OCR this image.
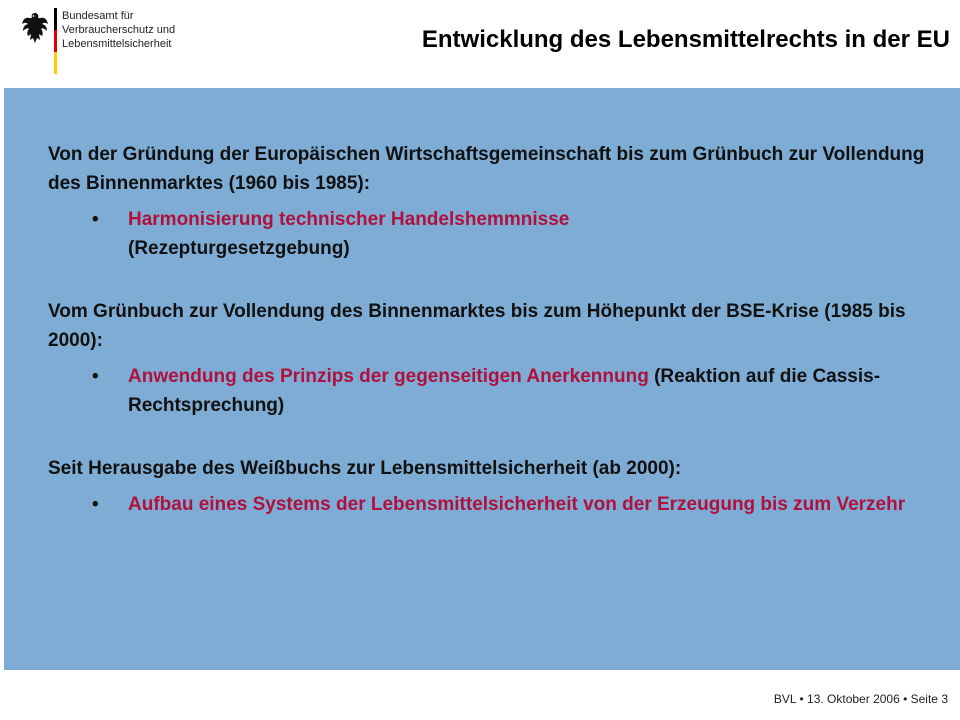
Bundesamt für
Verbraucherschutz und
Lebensmittelsicherheit	Entwicklung des Lebensmittelrechts in der EU

Von der Gründung der Europäischen Wirtschaftsgemeinschaft bis zum Grünbuch zur Vollendung des Binnenmarktes (1960 bis 1985):

• Harmonisierung technischer Handelshemmnisse
(Rezepturgesetzgebung)

Vom Grünbuch zur Vollendung des Binnenmarktes bis zum Höhepunkt der BSE-Krise (1985 bis 2000):

• Anwendung des Prinzips der gegenseitigen Anerkennung (Reaktion auf die Cassis-Rechtsprechung)

Seit Herausgabe des Weißbuchs zur Lebensmittelsicherheit (ab 2000):

• Aufbau eines Systems der Lebensmittelsicherheit von der Erzeugung bis zum Verzehr
BVL • 13. Oktober 2006 • Seite 3
